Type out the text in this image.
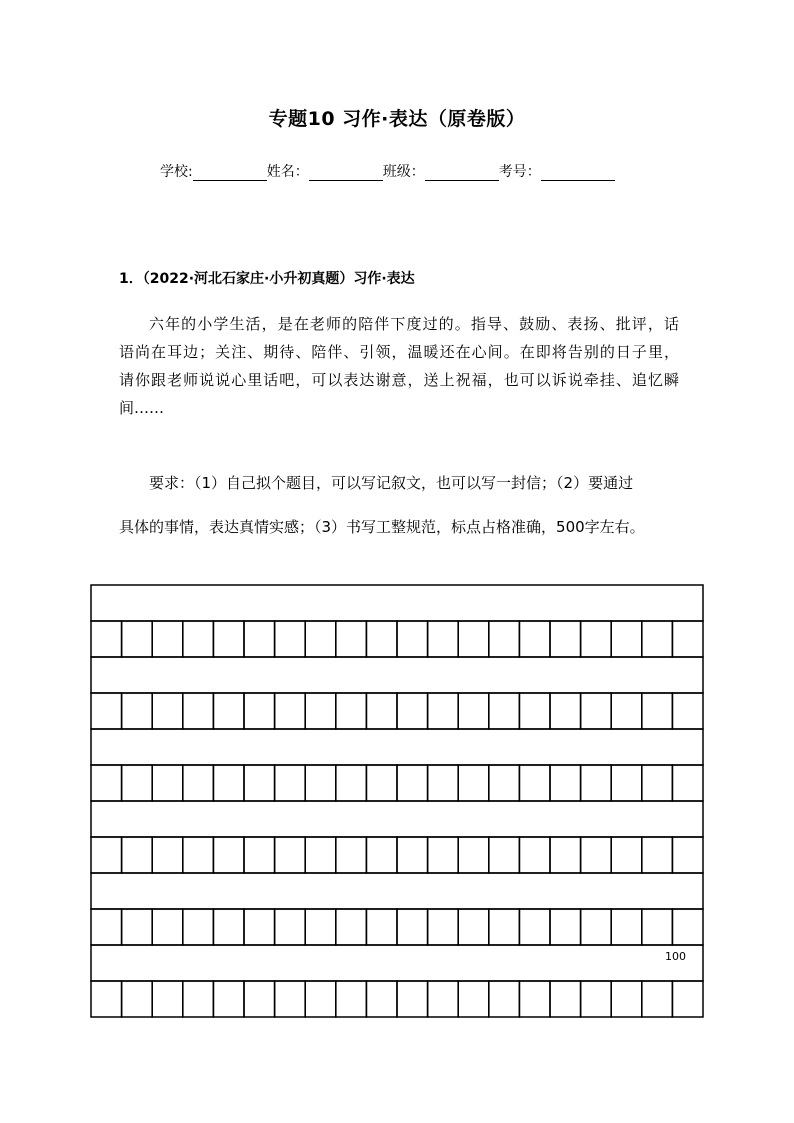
专题10 习作·表达（原卷版）
学校:	姓名：	班级：	考号：
1．（2022·河北石家庄·小升初真题）习作·表达
六年的小学生活，是在老师的陪伴下度过的。指导、鼓励、表扬、批评，话
语尚在耳边；关注、期待、陪伴、引领，温暖还在心间。在即将告别的日子里，
请你跟老师说说心里话吧，可以表达谢意，送上祝福，也可以诉说牵挂、追忆瞬
间……
要求：（1）自己拟个题目，可以写记叙文，也可以写一封信；（2）要通过
具体的事情，表达真情实感；（3）书写工整规范，标点占格准确，500字左右。
100
